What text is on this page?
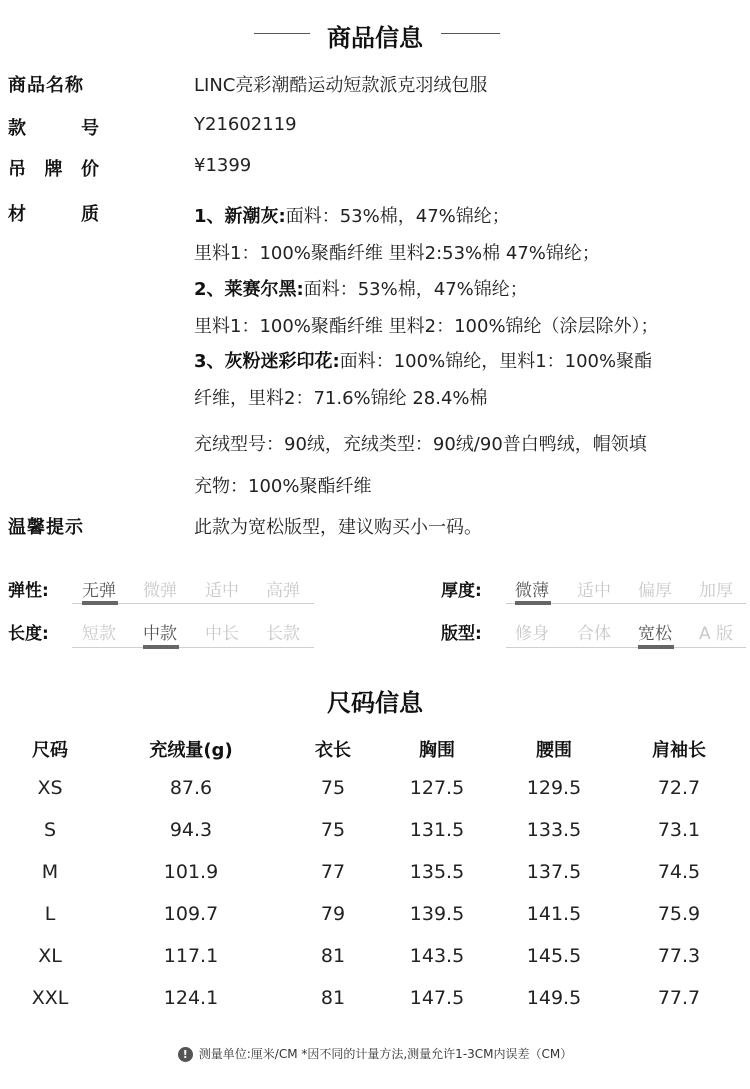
商品信息
商品名称	LINC亮彩潮酷运动短款派克羽绒包服
款	号	Y21602119
吊 牌 价	¥1399
材	质	1、新潮灰:面料：53%棉，47%锦纶；
里料1：100%聚酯纤维 里料2:53%棉 47%锦纶；
2、莱赛尔黑:面料：53%棉，47%锦纶；
里料1：100%聚酯纤维 里料2：100%锦纶（涂层除外）；
3、灰粉迷彩印花:面料：100%锦纶，里料1：100%聚酯
纤维，里料2：71.6%锦纶 28.4%棉
充绒型号：90绒，充绒类型：90绒/90普白鸭绒，帽领填
充物：100%聚酯纤维
温馨提示	此款为宽松版型，建议购买小一码。
弹性: 无弹 微弹 适中 高弹	厚度: 微薄 适中 偏厚 加厚
长度: 短款 中款 中长 长款	版型: 修身 合体 宽松 A 版
尺码信息
尺码	充绒量(g)	衣长	胸围	腰围	肩袖长
XS	87.6	75	127.5	129.5	72.7
S	94.3	75	131.5	133.5	73.1
M	101.9	77	135.5	137.5	74.5
L	109.7	79	139.5	141.5	75.9
XL	117.1	81	143.5	145.5	77.3
XXL	124.1	81	147.5	149.5	77.7
! 测量单位:厘米/CM *因不同的计量方法,测量允许1-3CM内误差（CM）
